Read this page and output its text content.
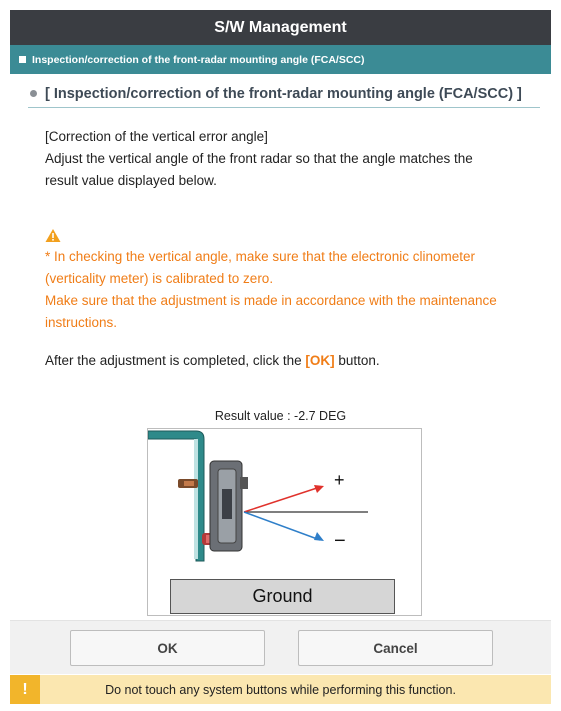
S/W Management
Inspection/correction of the front-radar mounting angle (FCA/SCC)
[ Inspection/correction of the front-radar mounting angle (FCA/SCC) ]
[Correction of the vertical error angle]
Adjust the vertical angle of the front radar so that the angle matches the
result value displayed below.
* In checking the vertical angle, make sure that the electronic clinometer
(verticality meter) is calibrated to zero.
Make sure that the adjustment is made in accordance with the maintenance
instructions.
After the adjustment is completed, click the [OK] button.
Result value : -2.7 DEG
+
−
Ground
OK	Cancel
!	Do not touch any system buttons while performing this function.
